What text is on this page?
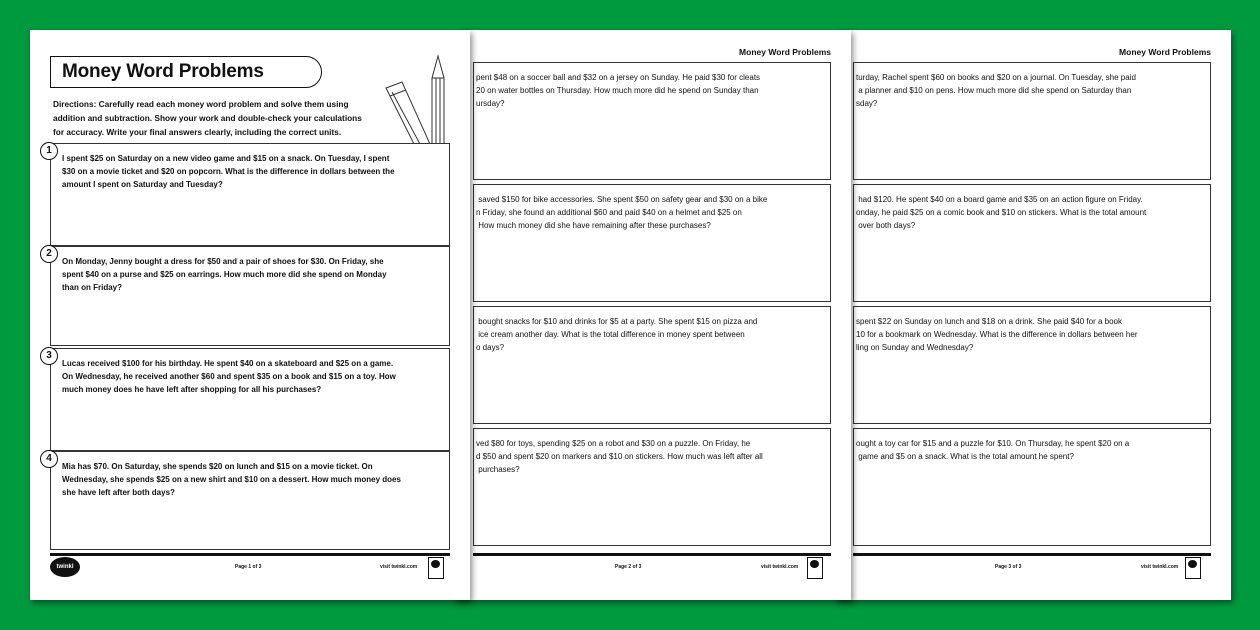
Money Word Problems
turday, Rachel spent $60 on books and $20 on a journal. On Tuesday, she paid
a planner and $10 on pens. How much more did she spend on Saturday than
sday?
had $120. He spent $40 on a board game and $35 on an action figure on Friday.
onday, he paid $25 on a comic book and $10 on stickers. What is the total amount
over both days?
spent $22 on Sunday on lunch and $18 on a drink. She paid $40 for a book
10 for a bookmark on Wednesday. What is the difference in dollars between her
ling on Sunday and Wednesday?
ought a toy car for $15 and a puzzle for $10. On Thursday, he spent $20 on a
game and $5 on a snack. What is the total amount he spent?
Page 3 of 3	visit twinkl.com
Money Word Problems
pent $48 on a soccer ball and $32 on a jersey on Sunday. He paid $30 for cleats
20 on water bottles on Thursday. How much more did he spend on Sunday than
ursday?
saved $150 for bike accessories. She spent $50 on safety gear and $30 on a bike
n Friday, she found an additional $60 and paid $40 on a helmet and $25 on
How much money did she have remaining after these purchases?
bought snacks for $10 and drinks for $5 at a party. She spent $15 on pizza and
ice cream another day. What is the total difference in money spent between
o days?
ved $80 for toys, spending $25 on a robot and $30 on a puzzle. On Friday, he
d $50 and spent $20 on markers and $10 on stickers. How much was left after all
purchases?
Page 2 of 3	visit twinkl.com
Money Word Problems
Directions: Carefully read each money word problem and solve them using
addition and subtraction. Show your work and double-check your calculations
for accuracy. Write your final answers clearly, including the correct units.
1
I spent $25 on Saturday on a new video game and $15 on a snack. On Tuesday, I spent
$30 on a movie ticket and $20 on popcorn. What is the difference in dollars between the
amount I spent on Saturday and Tuesday?
2
On Monday, Jenny bought a dress for $50 and a pair of shoes for $30. On Friday, she
spent $40 on a purse and $25 on earrings. How much more did she spend on Monday
than on Friday?
3
Lucas received $100 for his birthday. He spent $40 on a skateboard and $25 on a game.
On Wednesday, he received another $60 and spent $35 on a book and $15 on a toy. How
much money does he have left after shopping for all his purchases?
4
Mia has $70. On Saturday, she spends $20 on lunch and $15 on a movie ticket. On
Wednesday, she spends $25 on a new shirt and $10 on a dessert. How much money does
she have left after both days?
twinkl	Page 1 of 3	visit twinkl.com
